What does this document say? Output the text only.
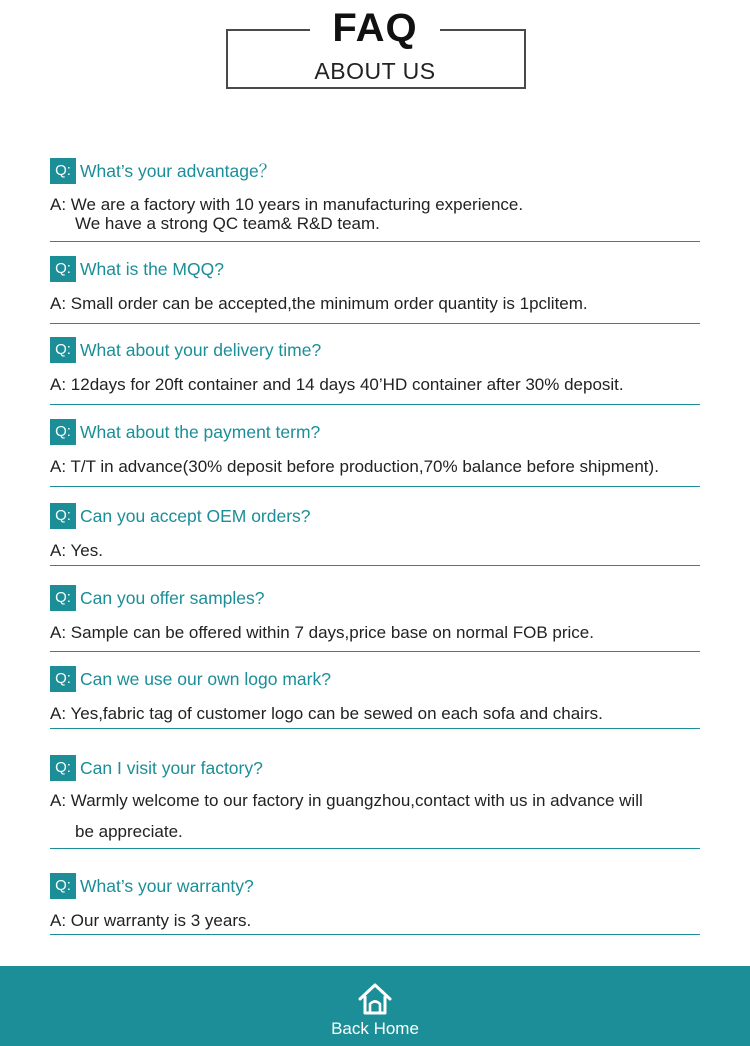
FAQ
ABOUT US
Q: What’s your advantage？
A: We are a factory with 10 years in manufacturing experience.
We have a strong QC team& R&D team.
Q: What is the MQQ?
A: Small order can be accepted,the minimum order quantity is 1pclitem.
Q: What about your delivery time?
A: 12days for 20ft container and 14 days 40’HD container after 30% deposit.
Q: What about the payment term?
A: T/T in advance(30% deposit before production,70% balance before shipment).
Q: Can you accept OEM orders?
A: Yes.
Q: Can you offer samples?
A: Sample can be offered within 7 days,price base on normal FOB price.
Q: Can we use our own logo mark?
A: Yes,fabric tag of customer logo can be sewed on each sofa and chairs.
Q: Can I visit your factory?
A: Warmly welcome to our factory in guangzhou,contact with us in advance will
be appreciate.
Q: What’s your warranty?
A: Our warranty is 3 years.
Back Home
